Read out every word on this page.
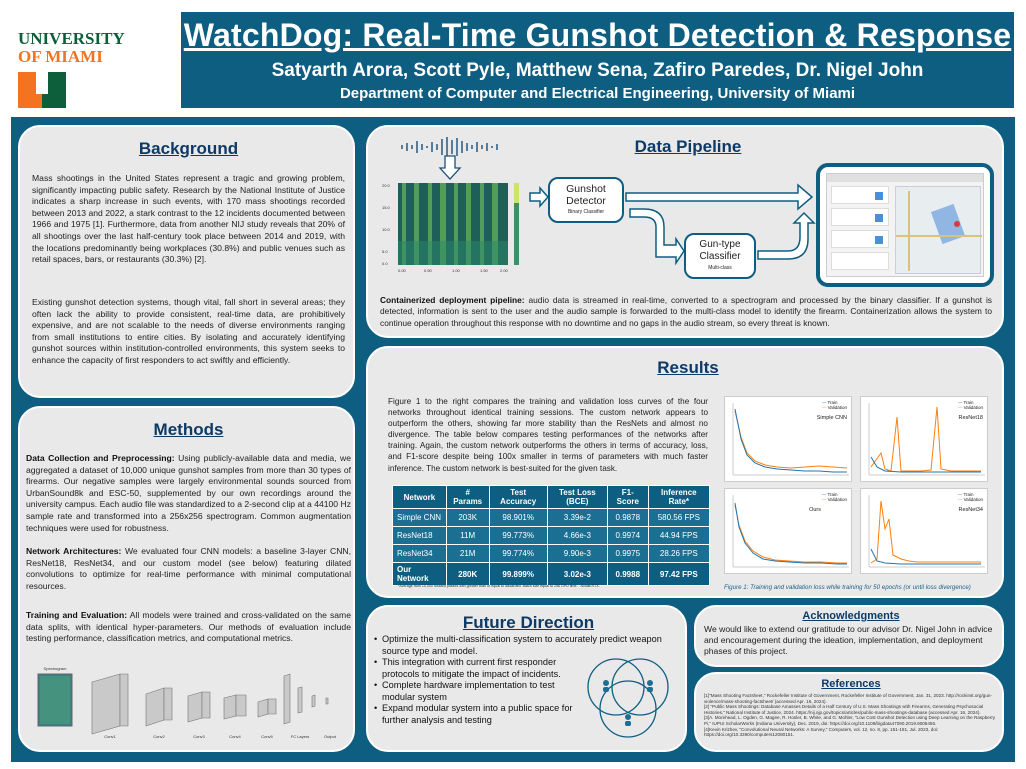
UNIVERSITY
OF MIAMI
WatchDog: Real-Time Gunshot Detection & Response
Satyarth Arora, Scott Pyle, Matthew Sena, Zafiro Paredes, Dr. Nigel John
Department of Computer and Electrical Engineering, University of Miami
Background
Mass shootings in the United States represent a tragic and growing problem, significantly impacting public safety. Research by the National Institute of Justice indicates a sharp increase in such events, with 170 mass shootings recorded between 2013 and 2022, a stark contrast to the 12 incidents documented between 1966 and 1975 [1]. Furthermore, data from another NIJ study reveals that 20% of all shootings over the last half-century took place between 2014 and 2019, with the locations predominantly being workplaces (30.8%) and public venues such as retail spaces, bars, or restaurants (30.3%) [2].
Existing gunshot detection systems, though vital, fall short in several areas; they often lack the ability to provide consistent, real-time data, are prohibitively expensive, and are not scalable to the needs of diverse environments ranging from small institutions to entire cities. By isolating and accurately identifying gunshot sources within institution-controlled environments, this system seeks to enhance the capacity of first responders to act swiftly and efficiently.
Methods
Data Collection and Preprocessing: Using publicly-available data and media, we aggregated a dataset of 10,000 unique gunshot samples from more than 30 types of firearms. Our negative samples were largely environmental sounds sourced from UrbanSound8k and ESC-50, supplemented by our own recordings around the university campus. Each audio file was standardized to a 2-second clip at a 44100 Hz sample rate and transformed into a 256x256 spectrogram. Common augmentation techniques were used for robustness.
Network Architectures: We evaluated four CNN models: a baseline 3-layer CNN, ResNet18, ResNet34, and our custom model (see below) featuring dilated convolutions to optimize for real-time performance with minimal computational resources.
Training and Evaluation: All models were trained and cross-validated on the same data splits, with identical hyper-parameters. Our methods of evaluation include testing performance, classification metrics, and computational metrics.
Spectrogram
Conv1	Conv2	Conv3	Conv4	Conv5	FC Layers	Output
Data Pipeline
20.0
15.0
10.0
5.0
0.0
0.00	0.50	1.00	1.50	2.00
Gunshot Detector
Binary Classifier
Gun-type Classifier
Multi-class
Containerized deployment pipeline: audio data is streamed in real-time, converted to a spectrogram and processed by the binary classifier. If a gunshot is detected, information is sent to the user and the audio sample is forwarded to the multi-class model to identify the firearm. Containerization allows the system to continue operation throughout this response with no downtime and no gaps in the audio stream, so every threat is known.
Results
Figure 1 to the right compares the training and validation loss curves of the four networks throughout identical training sessions. The custom network appears to outperform the others, showing far more stability than the ResNets and almost no divergence. The table below compares testing performances of the networks after training. Again, the custom network outperforms the others in terms of accuracy, loss, and F1-score despite being 100x smaller in terms of parameters with much faster inference. The custom network is best-suited for the given task.
Network	# Params	Test Accuracy	Test Loss (BCE)	F1-Score	Inference Rate*
Simple CNN	203K	98.901%	3.39e-2	0.9878	580.56 FPS
ResNet18	11M	99.773%	4.66e-3	0.9974	44.94 FPS
ResNet34	21M	99.774%	9.90e-3	0.9975	28.26 FPS
Our Network	280K	99.899%	3.02e-3	0.9988	97.42 FPS
*Average from 10,000 forward passes with greater than or equal to discarded. Batch size equal to 256 GPU time. . Nvidia RTX.
— Train
— Validation
Simple CNN
— Train
— Validation
ResNet18
— Train
— Validation
Ours
— Train
— Validation
ResNet34
Figure 1: Training and validation loss while training for 50 epochs (or until loss divergence)
Future Direction
• Optimize the multi-classification system to accurately predict weapon source type and model.
• This integration with current first responder protocols to mitigate the impact of incidents.
• Complete hardware implementation to test modular system
• Expand modular system into a public space for further analysis and testing
Acknowledgments
We would like to extend our gratitude to our advisor Dr. Nigel John in advice and encouragement during the ideation, implementation, and deployment phases of this project.
References
[1]"Mass Shooting Factsheet," Rockefeller Institute of Government, Rockefeller Institute of Government, Jan. 31, 2023. http://rockinst.org/gun-violence/mass-shooting-factsheet/ (accessed Apr. 16, 2024).
[2] "Public Mass Shootings: Database Amasses Details of a Half Century of U.S. Mass Shootings with Firearms, Generating Psychosocial Histories," National Institute of Justice, 2024. https://nij.ojp.gov/topics/articles/public-mass-shootings-database (accessed Apr. 16, 2024).
[3]A. Morehead, L. Ogden, G. Magee, R. Hosler, B. White, and G. Mohler, "Low Cost Gunshot Detection using Deep Learning on the Raspberry Pi," IUPUI ScholarWorks (Indiana University), Dec. 2019, doi: https://doi.org/10.1109/bigdata47090.2019.9006456.
[4]Kevin Krizhev, "Convolutional Neural Networks: A Survey," Computers, vol. 12, no. 8, pp. 151-151, Jul. 2023, doi: https://doi.org/10.3390/computers12080151.
